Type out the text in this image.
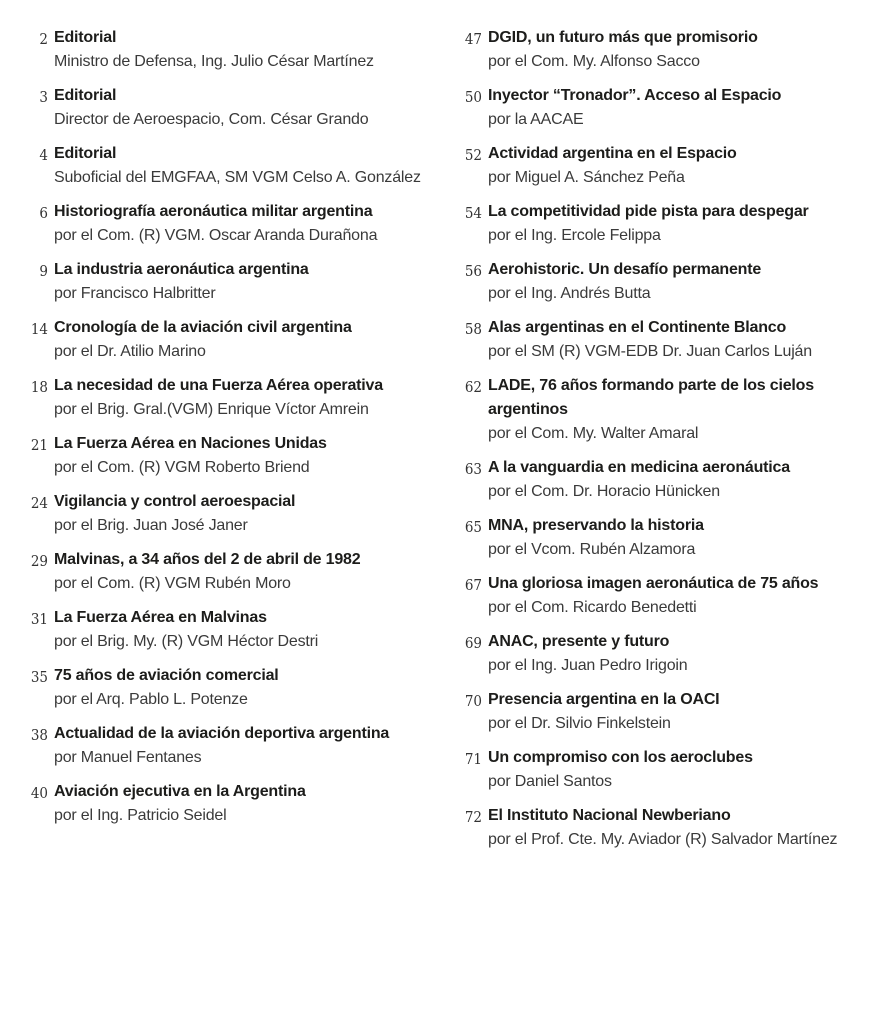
2 Editorial
Ministro de Defensa, Ing. Julio César Martínez
3 Editorial
Director de Aeroespacio, Com. César Grando
4 Editorial
Suboficial del EMGFAA, SM VGM Celso A. González
6 Historiografía aeronáutica militar argentina
por el Com. (R) VGM. Oscar Aranda Durañona
9 La industria aeronáutica argentina
por Francisco Halbritter
14 Cronología de la aviación civil argentina
por el Dr. Atilio Marino
18 La necesidad de una Fuerza Aérea operativa
por el Brig. Gral.(VGM) Enrique Víctor Amrein
21 La Fuerza Aérea en Naciones Unidas
por el Com. (R) VGM Roberto Briend
24 Vigilancia y control aeroespacial
por el Brig. Juan José Janer
29 Malvinas, a 34 años del 2 de abril de 1982
por el Com. (R) VGM Rubén Moro
31 La Fuerza Aérea en Malvinas
por el Brig. My. (R) VGM Héctor Destri
35 75 años de aviación comercial
por el Arq. Pablo L. Potenze
38 Actualidad de la aviación deportiva argentina
por Manuel Fentanes
40 Aviación ejecutiva en la Argentina
por el Ing. Patricio Seidel
47 DGID, un futuro más que promisorio
por el Com. My. Alfonso Sacco
50 Inyector “Tronador”. Acceso al Espacio
por la AACAE
52 Actividad argentina en el Espacio
por Miguel A. Sánchez Peña
54 La competitividad pide pista para despegar
por el Ing. Ercole Felippa
56 Aerohistoric. Un desafío permanente
por el Ing. Andrés Butta
58 Alas argentinas en el Continente Blanco
por el SM (R) VGM-EDB Dr. Juan Carlos Luján
62 LADE, 76 años formando parte de los cielos argentinos
por el Com. My. Walter Amaral
63 A la vanguardia en medicina aeronáutica
por el Com. Dr. Horacio Hünicken
65 MNA, preservando la historia
por el Vcom. Rubén Alzamora
67 Una gloriosa imagen aeronáutica de 75 años
por el Com. Ricardo Benedetti
69 ANAC, presente y futuro
por el Ing. Juan Pedro Irigoin
70 Presencia argentina en la OACI
por el Dr. Silvio Finkelstein
71 Un compromiso con los aeroclubes
por Daniel Santos
72 El Instituto Nacional Newberiano
por el Prof. Cte. My. Aviador (R) Salvador Martínez
